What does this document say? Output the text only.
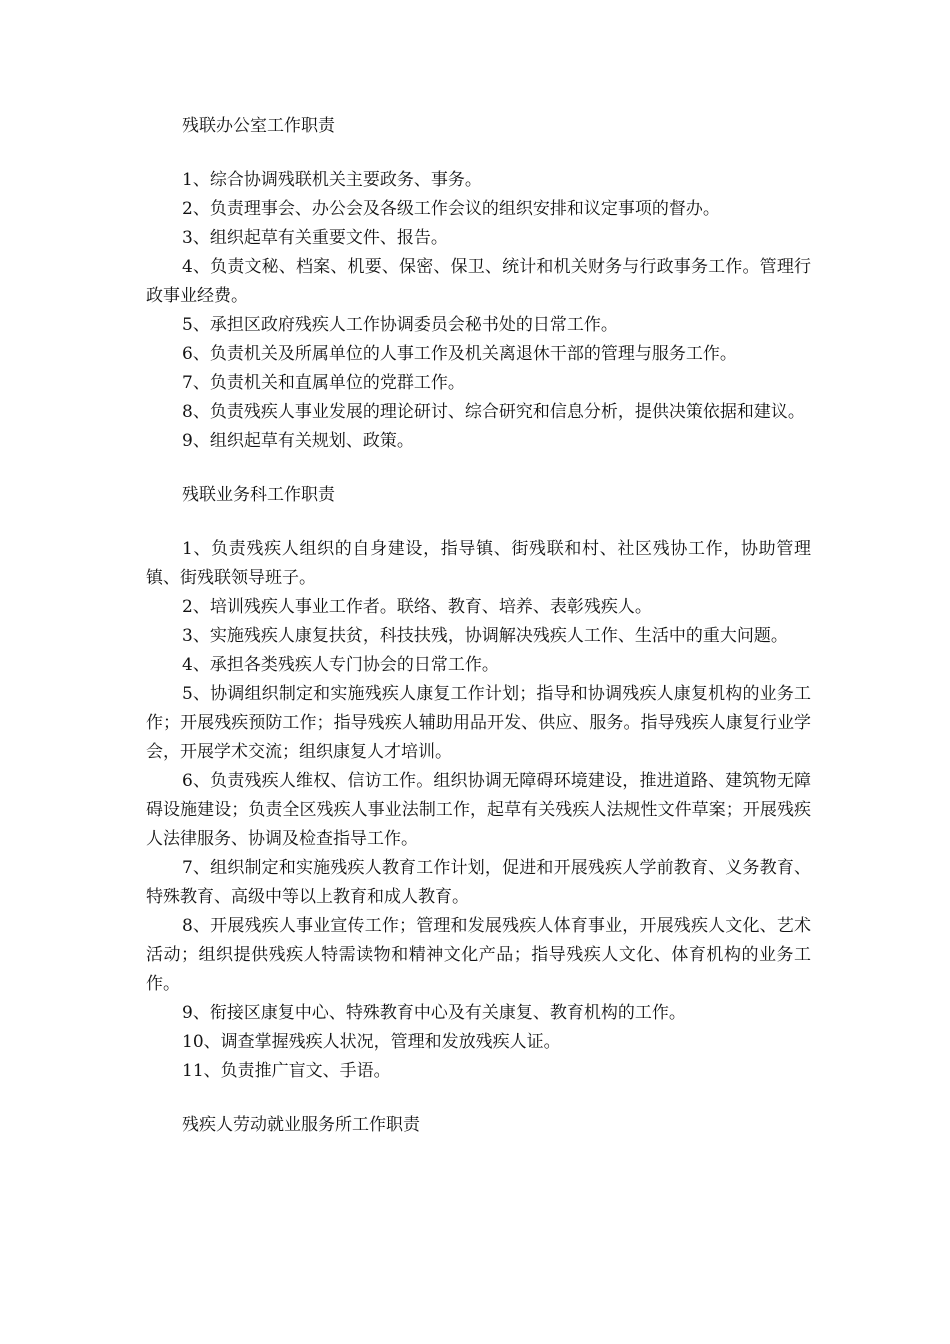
残联办公室工作职责

1、综合协调残联机关主要政务、事务。

2、负责理事会、办公会及各级工作会议的组织安排和议定事项的督办。

3、组织起草有关重要文件、报告。

4、负责文秘、档案、机要、保密、保卫、统计和机关财务与行政事务工作。管理行政事业经费。

5、承担区政府残疾人工作协调委员会秘书处的日常工作。

6、负责机关及所属单位的人事工作及机关离退休干部的管理与服务工作。

7、负责机关和直属单位的党群工作。

8、负责残疾人事业发展的理论研讨、综合研究和信息分析，提供决策依据和建议。

9、组织起草有关规划、政策。

残联业务科工作职责

1、负责残疾人组织的自身建设，指导镇、街残联和村、社区残协工作，协助管理镇、街残联领导班子。

2、培训残疾人事业工作者。联络、教育、培养、表彰残疾人。

3、实施残疾人康复扶贫，科技扶残，协调解决残疾人工作、生活中的重大问题。

4、承担各类残疾人专门协会的日常工作。

5、协调组织制定和实施残疾人康复工作计划；指导和协调残疾人康复机构的业务工作；开展残疾预防工作；指导残疾人辅助用品开发、供应、服务。指导残疾人康复行业学会，开展学术交流；组织康复人才培训。

6、负责残疾人维权、信访工作。组织协调无障碍环境建设，推进道路、建筑物无障碍设施建设；负责全区残疾人事业法制工作，起草有关残疾人法规性文件草案；开展残疾人法律服务、协调及检查指导工作。

7、组织制定和实施残疾人教育工作计划，促进和开展残疾人学前教育、义务教育、特殊教育、高级中等以上教育和成人教育。

8、开展残疾人事业宣传工作；管理和发展残疾人体育事业，开展残疾人文化、艺术活动；组织提供残疾人特需读物和精神文化产品；指导残疾人文化、体育机构的业务工作。

9、衔接区康复中心、特殊教育中心及有关康复、教育机构的工作。

10、调查掌握残疾人状况，管理和发放残疾人证。

11、负责推广盲文、手语。

残疾人劳动就业服务所工作职责
